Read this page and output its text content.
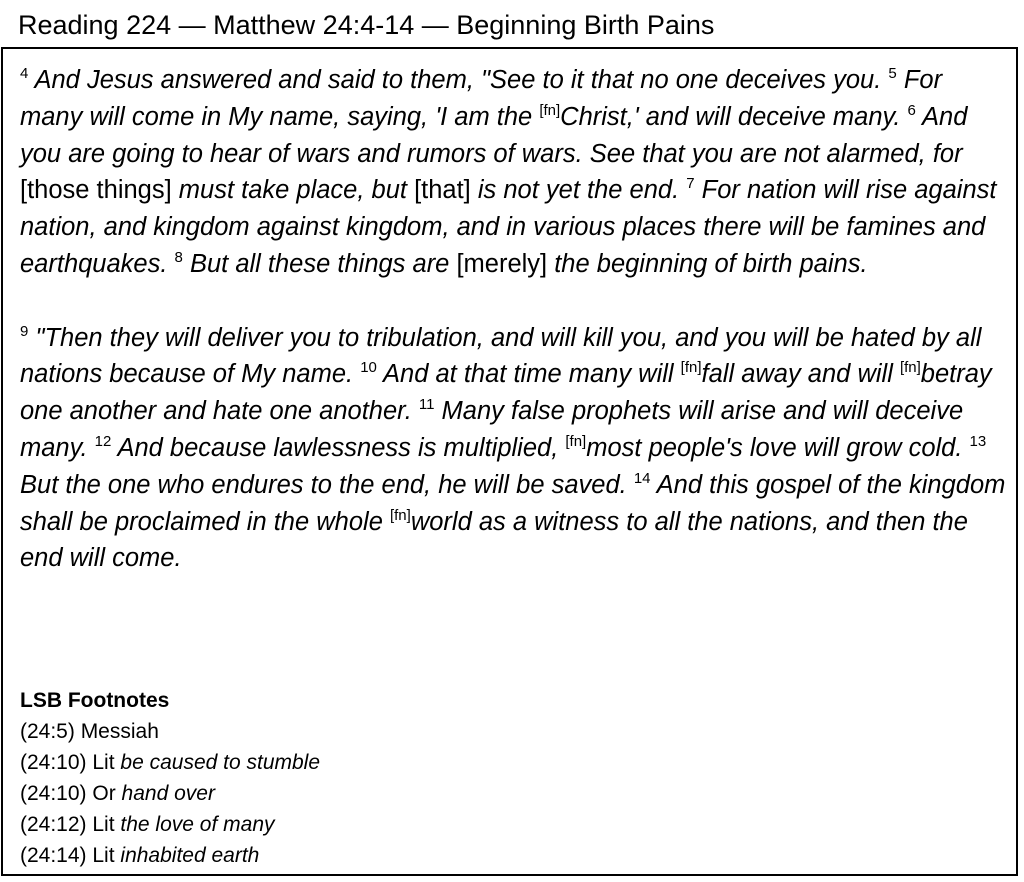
Reading 224 — Matthew 24:4-14 — Beginning Birth Pains

$^4$ And Jesus answered and said to them, "See to it that no one deceives you. $^5$ For many will come in My name, saying, 'I am the [fn]Christ,' and will deceive many. $^6$ And you are going to hear of wars and rumors of wars. See that you are not alarmed, for [those things] must take place, but [that] is not yet the end. $^7$ For nation will rise against nation, and kingdom against kingdom, and in various places there will be famines and earthquakes. $^8$ But all these things are [merely] the beginning of birth pains.

$^9$ "Then they will deliver you to tribulation, and will kill you, and you will be hated by all nations because of My name. $^{10}$ And at that time many will [fn]fall away and will [fn]betray one another and hate one another. $^{11}$ Many false prophets will arise and will deceive many. $^{12}$ And because lawlessness is multiplied, [fn]most people's love will grow cold. $^{13}$ But the one who endures to the end, he will be saved. $^{14}$ And this gospel of the kingdom shall be proclaimed in the whole [fn]world as a witness to all the nations, and then the end will come.

LSB Footnotes
(24:5) Messiah
(24:10) Lit be caused to stumble
(24:10) Or hand over
(24:12) Lit the love of many
(24:14) Lit inhabited earth
